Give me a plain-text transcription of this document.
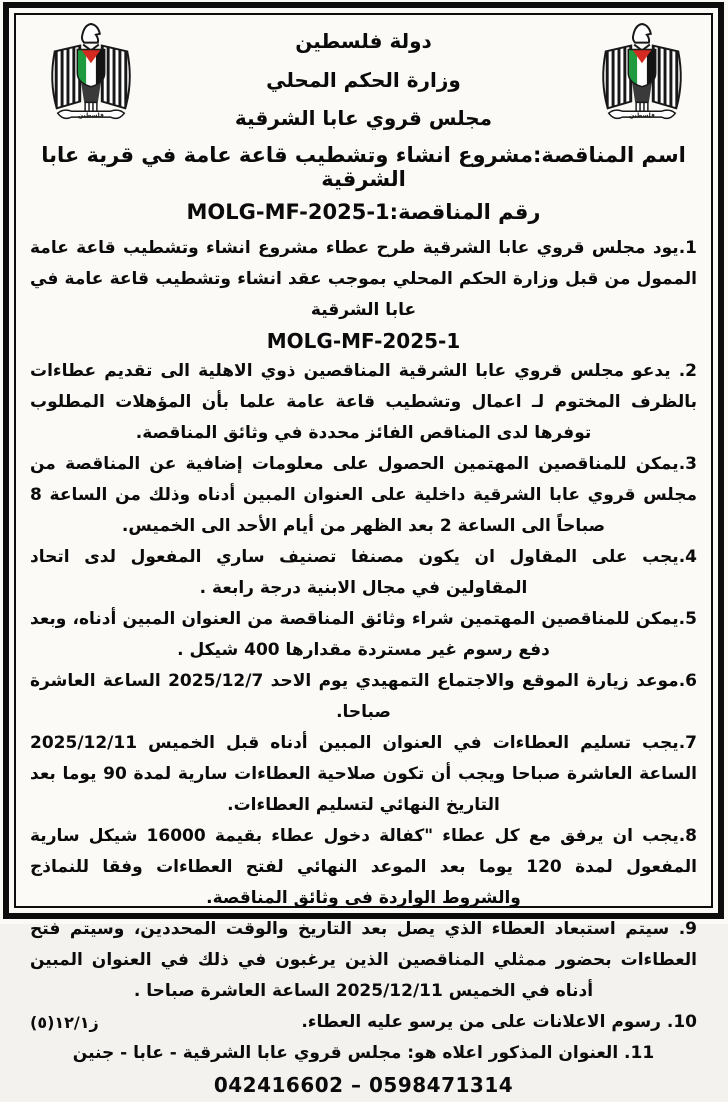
فلسطين	فلسطين
دولة فلسطين
وزارة الحكم المحلي
مجلس قروي عابا الشرقية
اسم المناقصة:مشروع انشاء وتشطيب قاعة عامة في قرية عابا الشرقية
رقم المناقصة:MOLG-MF-2025-1
1.يود مجلس قروي عابا الشرقية طرح عطاء مشروع انشاء وتشطيب قاعة عامة الممول من قبل وزارة الحكم المحلي بموجب عقد انشاء وتشطيب قاعة عامة في عابا الشرقية
MOLG-MF-2025-1
2. يدعو مجلس قروي عابا الشرقية المناقصين ذوي الاهلية الى تقديم عطاءات بالظرف المختوم لـ اعمال وتشطيب قاعة عامة علما بأن المؤهلات المطلوب توفرها لدى المناقص الفائز محددة في وثائق المناقصة.
3.يمكن للمناقصين المهتمين الحصول على معلومات إضافية عن المناقصة من مجلس قروي عابا الشرقية داخلية على العنوان المبين أدناه وذلك من الساعة 8 صباحاً الى الساعة 2 بعد الظهر من أيام الأحد الى الخميس.
4.يجب على المقاول ان يكون مصنفا تصنيف ساري المفعول لدى اتحاد المقاولين في مجال الابنية درجة رابعة .
5.يمكن للمناقصين المهتمين شراء وثائق المناقصة من العنوان المبين أدناه، وبعد دفع رسوم غير مستردة مقدارها 400 شيكل .
6.موعد زيارة الموقع والاجتماع التمهيدي يوم الاحد 2025/12/7 الساعة العاشرة صباحا.
7.يجب تسليم العطاءات في العنوان المبين أدناه قبل الخميس 2025/12/11 الساعة العاشرة صباحا ويجب أن تكون صلاحية العطاءات سارية لمدة 90 يوما بعد التاريخ النهائي لتسليم العطاءات.
8.يجب ان يرفق مع كل عطاء "كفالة دخول عطاء بقيمة 16000 شيكل سارية المفعول لمدة 120 يوما بعد الموعد النهائي لفتح العطاءات وفقا للنماذج والشروط الواردة في وثائق المناقصة.
9. سيتم استبعاد العطاء الذي يصل بعد التاريخ والوقت المحددين، وسيتم فتح العطاءات بحضور ممثلي المناقصين الذين يرغبون في ذلك في العنوان المبين أدناه في الخميس 2025/12/11 الساعة العاشرة صباحا .
10. رسوم الاعلانات على من يرسو عليه العطاء.
ز١٢/١(٥)
11. العنوان المذكور اعلاه هو: مجلس قروي عابا الشرقية - عابا - جنين
042416602 – 0598471314
